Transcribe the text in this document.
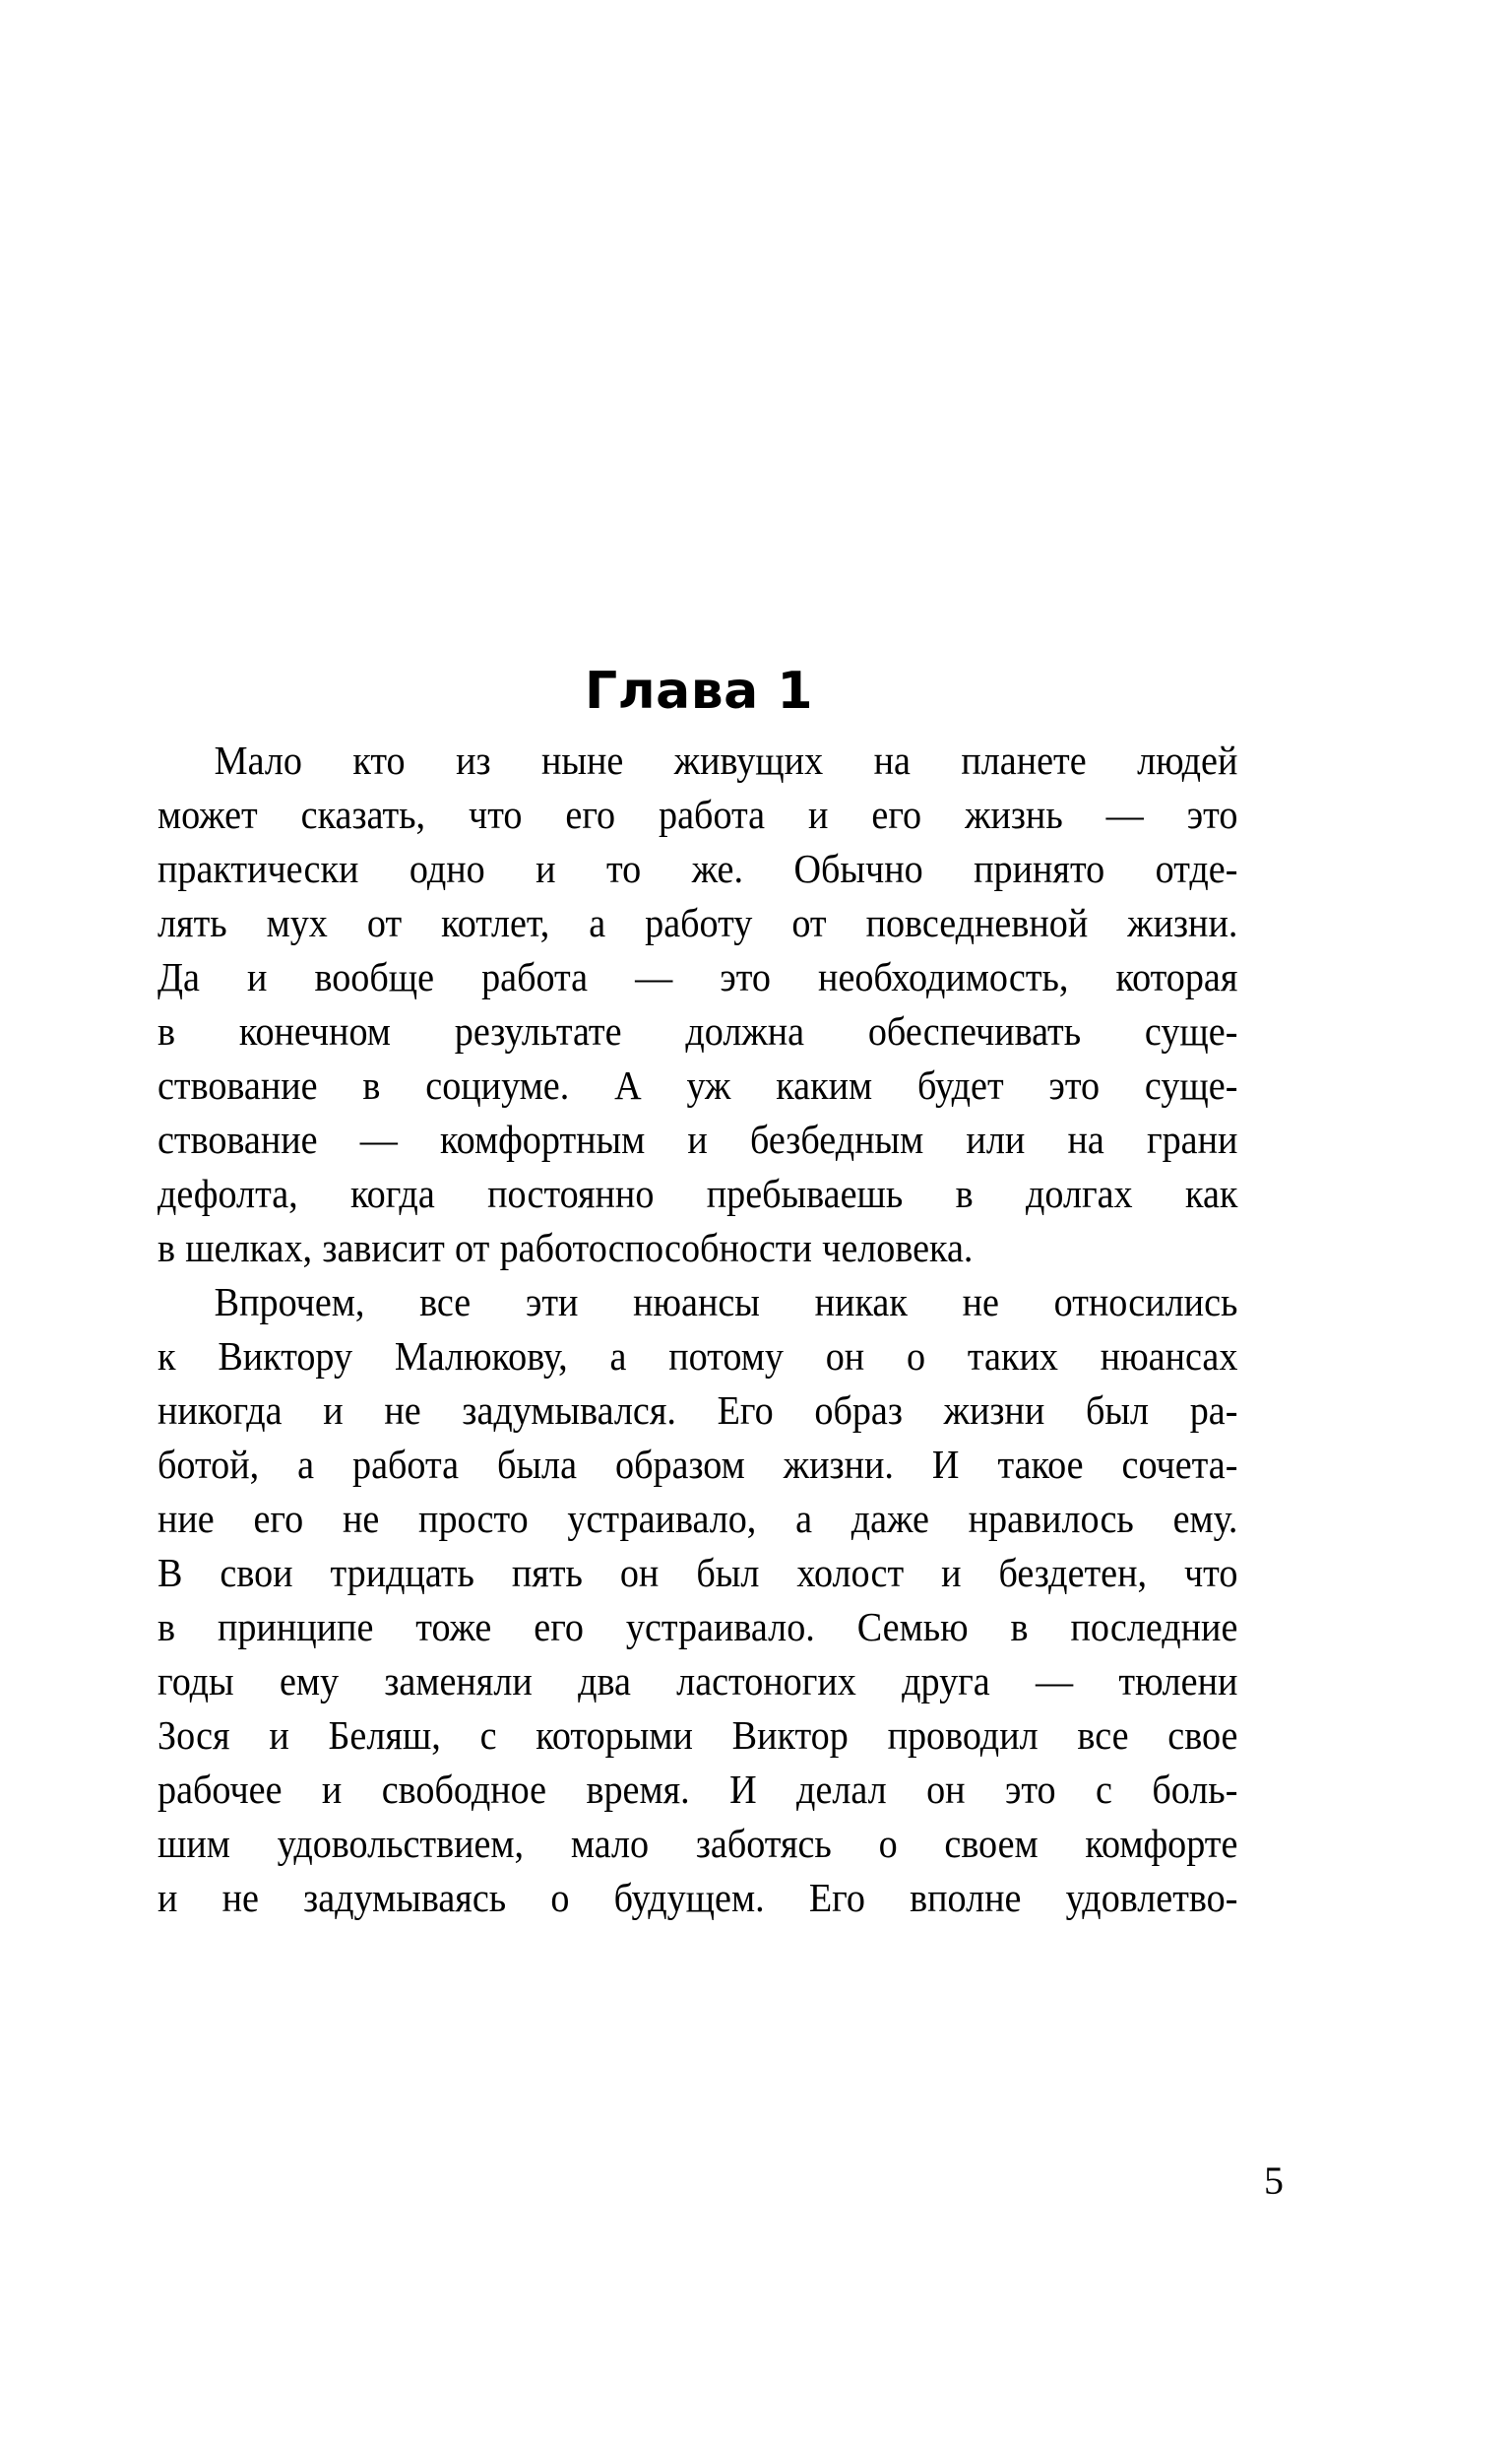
Глава 1

Мало кто из ныне живущих на планете людей
может сказать, что его работа и его жизнь — это
практически одно и то же. Обычно принято отде-
лять мух от котлет, а работу от повседневной жизни.
Да и вообще работа — это необходимость, которая
в конечном результате должна обеспечивать суще-
ствование в социуме. А уж каким будет это суще-
ствование — комфортным и безбедным или на грани
дефолта, когда постоянно пребываешь в долгах как
в шелках, зависит от работоспособности человека.

Впрочем, все эти нюансы никак не относились
к Виктору Малюкову, а потому он о таких нюансах
никогда и не задумывался. Его образ жизни был ра-
ботой, а работа была образом жизни. И такое сочета-
ние его не просто устраивало, а даже нравилось ему.
В свои тридцать пять он был холост и бездетен, что
в принципе тоже его устраивало. Семью в последние
годы ему заменяли два ластоногих друга — тюлени
Зося и Беляш, с которыми Виктор проводил все свое
рабочее и свободное время. И делал он это с боль-
шим удовольствием, мало заботясь о своем комфорте
и не задумываясь о будущем. Его вполне удовлетво-

5
